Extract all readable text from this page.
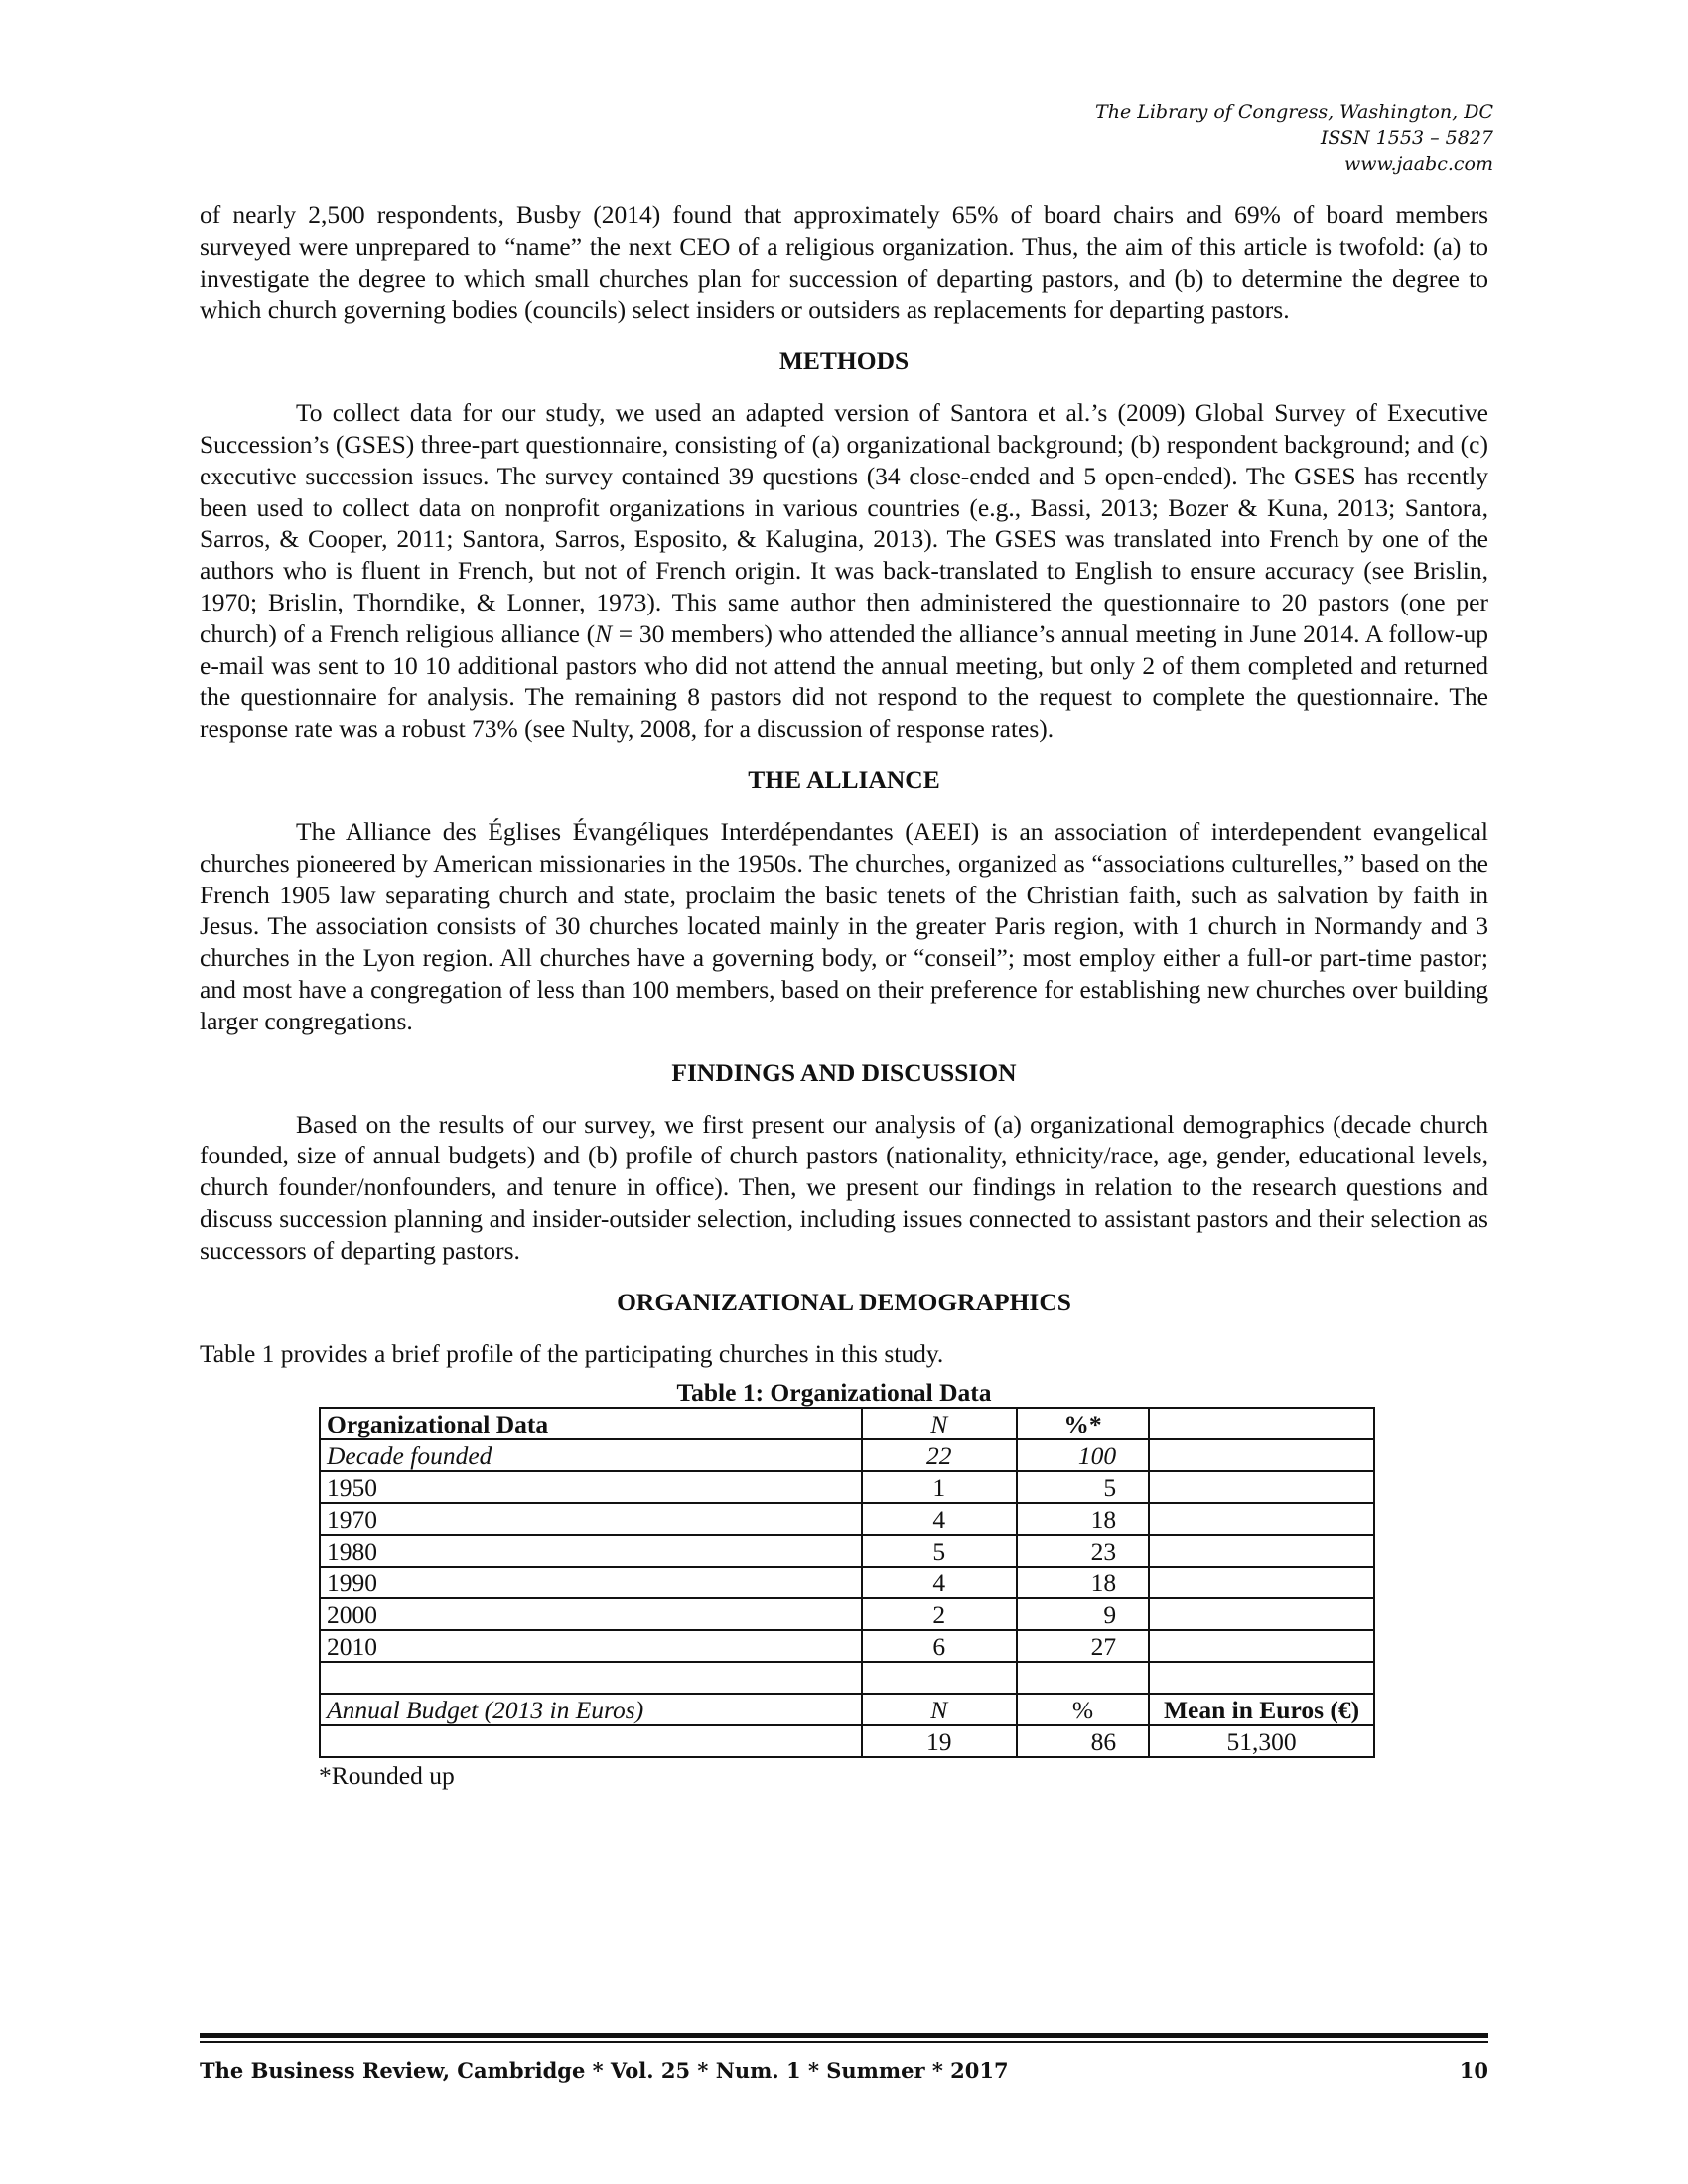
The Library of Congress, Washington, DC
ISSN 1553 – 5827
www.jaabc.com

of nearly 2,500 respondents, Busby (2014) found that approximately 65% of board chairs and 69% of board members surveyed were unprepared to “name” the next CEO of a religious organization. Thus, the aim of this article is twofold: (a) to investigate the degree to which small churches plan for succession of departing pastors, and (b) to determine the degree to which church governing bodies (councils) select insiders or outsiders as replacements for departing pastors.

METHODS

To collect data for our study, we used an adapted version of Santora et al.’s (2009) Global Survey of Executive Succession’s (GSES) three-part questionnaire, consisting of (a) organizational background; (b) respondent background; and (c) executive succession issues. The survey contained 39 questions (34 close-ended and 5 open-ended). The GSES has recently been used to collect data on nonprofit organizations in various countries (e.g., Bassi, 2013; Bozer & Kuna, 2013; Santora, Sarros, & Cooper, 2011; Santora, Sarros, Esposito, & Kalugina, 2013). The GSES was translated into French by one of the authors who is fluent in French, but not of French origin. It was back-translated to English to ensure accuracy (see Brislin, 1970; Brislin, Thorndike, & Lonner, 1973). This same author then administered the questionnaire to 20 pastors (one per church) of a French religious alliance (N = 30 members) who attended the alliance’s annual meeting in June 2014. A follow-up e-mail was sent to 10 10 additional pastors who did not attend the annual meeting, but only 2 of them completed and returned the questionnaire for analysis. The remaining 8 pastors did not respond to the request to complete the questionnaire. The response rate was a robust 73% (see Nulty, 2008, for a discussion of response rates).

THE ALLIANCE

The Alliance des Églises Évangéliques Interdépendantes (AEEI) is an association of interdependent evangelical churches pioneered by American missionaries in the 1950s. The churches, organized as “associations culturelles,” based on the French 1905 law separating church and state, proclaim the basic tenets of the Christian faith, such as salvation by faith in Jesus. The association consists of 30 churches located mainly in the greater Paris region, with 1 church in Normandy and 3 churches in the Lyon region. All churches have a governing body, or “conseil”; most employ either a full-or part-time pastor; and most have a congregation of less than 100 members, based on their preference for establishing new churches over building larger congregations.

FINDINGS AND DISCUSSION

Based on the results of our survey, we first present our analysis of (a) organizational demographics (decade church founded, size of annual budgets) and (b) profile of church pastors (nationality, ethnicity/race, age, gender, educational levels, church founder/nonfounders, and tenure in office). Then, we present our findings in relation to the research questions and discuss succession planning and insider-outsider selection, including issues connected to assistant pastors and their selection as successors of departing pastors.

ORGANIZATIONAL DEMOGRAPHICS

Table 1 provides a brief profile of the participating churches in this study.

Table 1: Organizational Data
Organizational Data	N	%*	
Decade founded	22	100	
1950	1	5	
1970	4	18	
1980	5	23	
1990	4	18	
2000	2	9	
2010	6	27	

Annual Budget (2013 in Euros)	N	%	Mean in Euros (€)
	19	86	51,300
*Rounded up
The Business Review, Cambridge * Vol. 25 * Num. 1 * Summer * 2017	10
